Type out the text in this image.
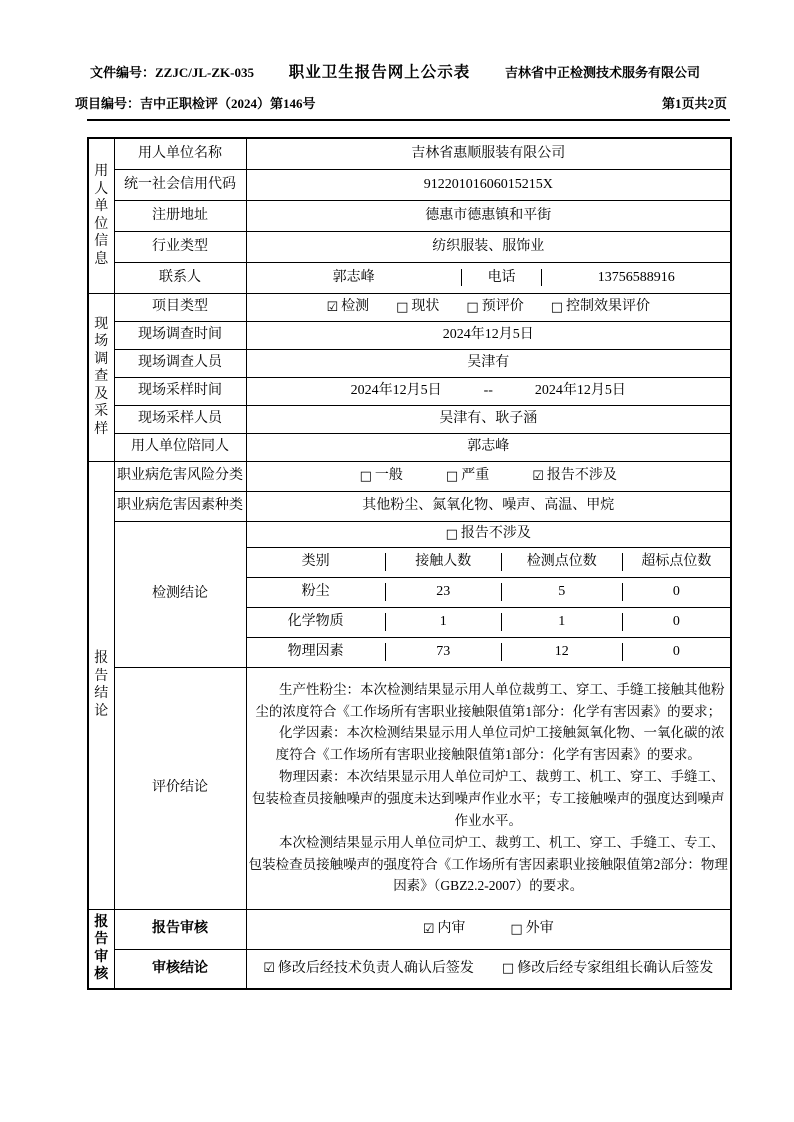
文件编号：ZZJC/JL-ZK-035 职业卫生报告网上公示表	吉林省中正检测技术服务有限公司
项目编号：吉中正职检评（2024）第146号	第1页共2页
用人单位信息	用人单位名称	吉林省惠顺服装有限公司
	统一社会信用代码	91220101606015215X
	注册地址	德惠市德惠镇和平街
	行业类型	纺织服装、服饰业
	联系人	郭志峰 电话 13756588916

现场调查及采样	项目类型	☑ 检测 □ 现状 □ 预评价 □ 控制效果评价

	现场调查时间	2024年12月5日
	现场调查人员	吴津有
	现场采样时间	2024年12月5日 -- 2024年12月5日

	现场采样人员	吴津有、耿子涵
	用人单位陪同人	郭志峰
报告结论	职业病危害风险分类	□ 一般	□ 严重	☑ 报告不涉及

	职业病危害因素种类	其他粉尘、氮氧化物、噪声、高温、甲烷
	检测结论	□ 报告不涉及

类别 接触人数 检测点位数 超标点位数

粉尘 23 5 0

化学物质 1 1 0

物理因素 73 12 0

	评价结论	生产性粉尘：本次检测结果显示用人单位裁剪工、穿工、手缝工接触其他粉尘的浓度符合《工作场所有害职业接触限值第1部分：化学有害因素》的要求；

化学因素：本次检测结果显示用人单位司炉工接触氮氧化物、一氧化碳的浓度符合《工作场所有害职业接触限值第1部分：化学有害因素》的要求。

物理因素：本次结果显示用人单位司炉工、裁剪工、机工、穿工、手缝工、包装检查员接触噪声的强度未达到噪声作业水平；专工接触噪声的强度达到噪声作业水平。

本次检测结果显示用人单位司炉工、裁剪工、机工、穿工、手缝工、专工、包装检查员接触噪声的强度符合《工作场所有害因素职业接触限值第2部分：物理因素》（GBZ2.2-2007）的要求。

报告审核	报告审核	☑ 内审 □ 外审

	审核结论	☑ 修改后经技术负责人确认后签发 □ 修改后经专家组组长确认后签发
